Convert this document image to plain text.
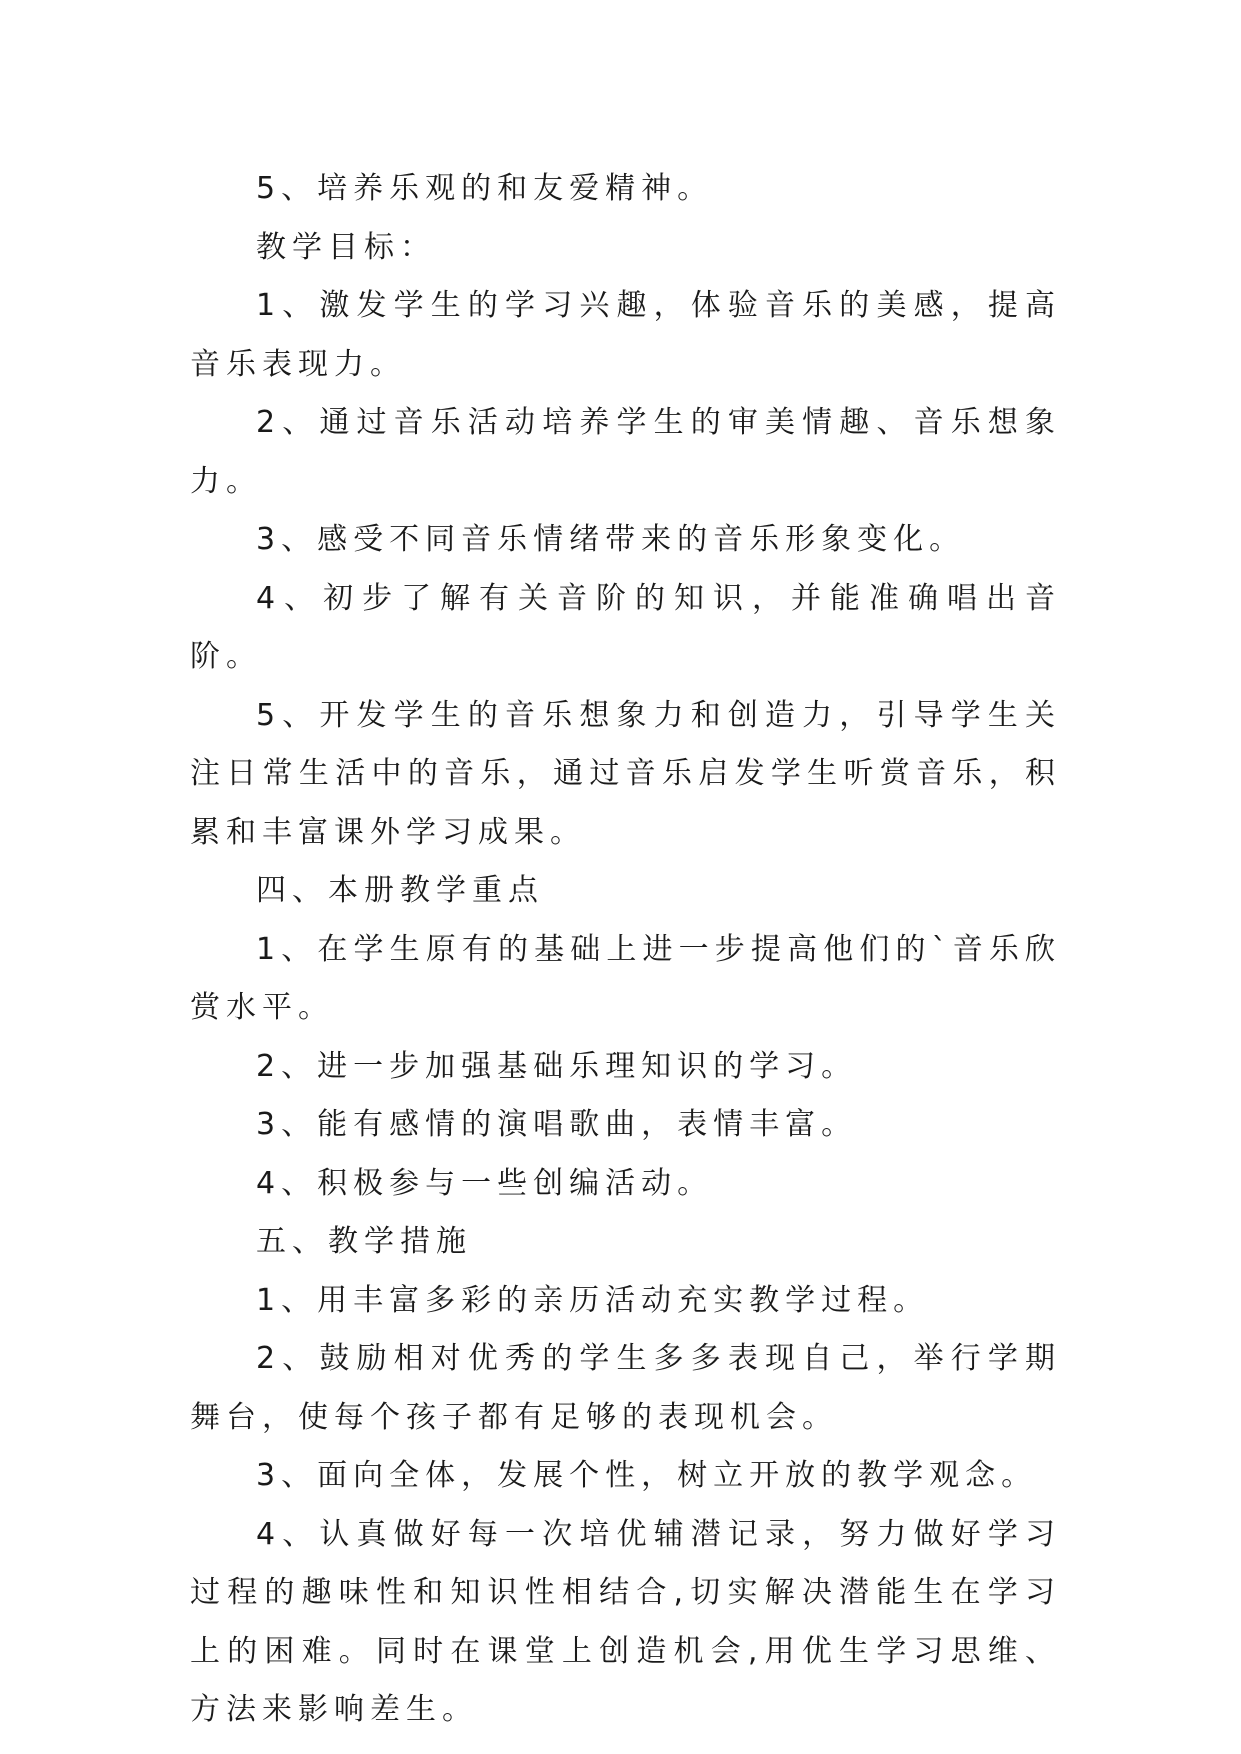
5、培养乐观的和友爱精神。

教学目标：

1、激发学生的学习兴趣，体验音乐的美感，提高音乐表现力。

2、通过音乐活动培养学生的审美情趣、音乐想象力。

3、感受不同音乐情绪带来的音乐形象变化。

4、初步了解有关音阶的知识，并能准确唱出音阶。

5、开发学生的音乐想象力和创造力，引导学生关注日常生活中的音乐，通过音乐启发学生听赏音乐，积累和丰富课外学习成果。

四、本册教学重点

1、在学生原有的基础上进一步提高他们的`音乐欣赏水平。

2、进一步加强基础乐理知识的学习。

3、能有感情的演唱歌曲，表情丰富。

4、积极参与一些创编活动。

五、教学措施

1、用丰富多彩的亲历活动充实教学过程。

2、鼓励相对优秀的学生多多表现自己，举行学期舞台，使每个孩子都有足够的表现机会。

3、面向全体，发展个性，树立开放的教学观念。

4、认真做好每一次培优辅潜记录，努力做好学习过程的趣味性和知识性相结合,切实解决潜能生在学习上的困难。同时在课堂上创造机会,用优生学习思维、方法来影响差生。
